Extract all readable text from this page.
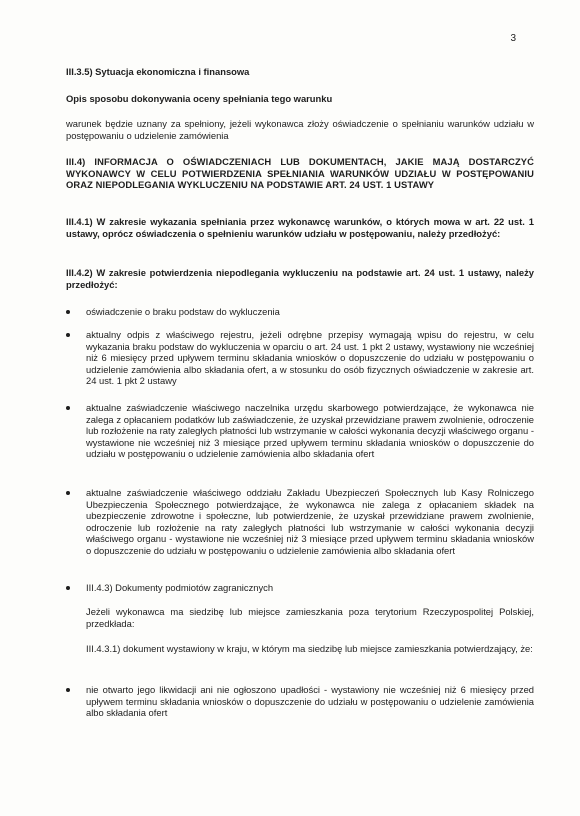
3

III.3.5) Sytuacja ekonomiczna i finansowa

Opis sposobu dokonywania oceny spełniania tego warunku

warunek będzie uznany za spełniony, jeżeli wykonawca złoży oświadczenie o spełnianiu warunków udziału w postępowaniu o udzielenie zamówienia

III.4) INFORMACJA O OŚWIADCZENIACH LUB DOKUMENTACH, JAKIE MAJĄ DOSTARCZYĆ WYKONAWCY W CELU POTWIERDZENIA SPEŁNIANIA WARUNKÓW UDZIAŁU W POSTĘPOWANIU ORAZ NIEPODLEGANIA WYKLUCZENIU NA PODSTAWIE ART. 24 UST. 1 USTAWY

III.4.1) W zakresie wykazania spełniania przez wykonawcę warunków, o których mowa w art. 22 ust. 1 ustawy, oprócz oświadczenia o spełnieniu warunków udziału w postępowaniu, należy przedłożyć:

III.4.2) W zakresie potwierdzenia niepodlegania wykluczeniu na podstawie art. 24 ust. 1 ustawy, należy przedłożyć:

oświadczenie o braku podstaw do wykluczenia

aktualny odpis z właściwego rejestru, jeżeli odrębne przepisy wymagają wpisu do rejestru, w celu wykazania braku podstaw do wykluczenia w oparciu o art. 24 ust. 1 pkt 2 ustawy, wystawiony nie wcześniej niż 6 miesięcy przed upływem terminu składania wniosków o dopuszczenie do udziału w postępowaniu o udzielenie zamówienia albo składania ofert, a w stosunku do osób fizycznych oświadczenie w zakresie art. 24 ust. 1 pkt 2 ustawy

aktualne zaświadczenie właściwego naczelnika urzędu skarbowego potwierdzające, że wykonawca nie zalega z opłacaniem podatków lub zaświadczenie, że uzyskał przewidziane prawem zwolnienie, odroczenie lub rozłożenie na raty zaległych płatności lub wstrzymanie w całości wykonania decyzji właściwego organu - wystawione nie wcześniej niż 3 miesiące przed upływem terminu składania wniosków o dopuszczenie do udziału w postępowaniu o udzielenie zamówienia albo składania ofert

aktualne zaświadczenie właściwego oddziału Zakładu Ubezpieczeń Społecznych lub Kasy Rolniczego Ubezpieczenia Społecznego potwierdzające, że wykonawca nie zalega z opłacaniem składek na ubezpieczenie zdrowotne i społeczne, lub potwierdzenie, że uzyskał przewidziane prawem zwolnienie, odroczenie lub rozłożenie na raty zaległych płatności lub wstrzymanie w całości wykonania decyzji właściwego organu - wystawione nie wcześniej niż 3 miesiące przed upływem terminu składania wniosków o dopuszczenie do udziału w postępowaniu o udzielenie zamówienia albo składania ofert

III.4.3) Dokumenty podmiotów zagranicznych

Jeżeli wykonawca ma siedzibę lub miejsce zamieszkania poza terytorium Rzeczypospolitej Polskiej, przedkłada:

III.4.3.1) dokument wystawiony w kraju, w którym ma siedzibę lub miejsce zamieszkania potwierdzający, że:

nie otwarto jego likwidacji ani nie ogłoszono upadłości - wystawiony nie wcześniej niż 6 miesięcy przed upływem terminu składania wniosków o dopuszczenie do udziału w postępowaniu o udzielenie zamówienia albo składania ofert
